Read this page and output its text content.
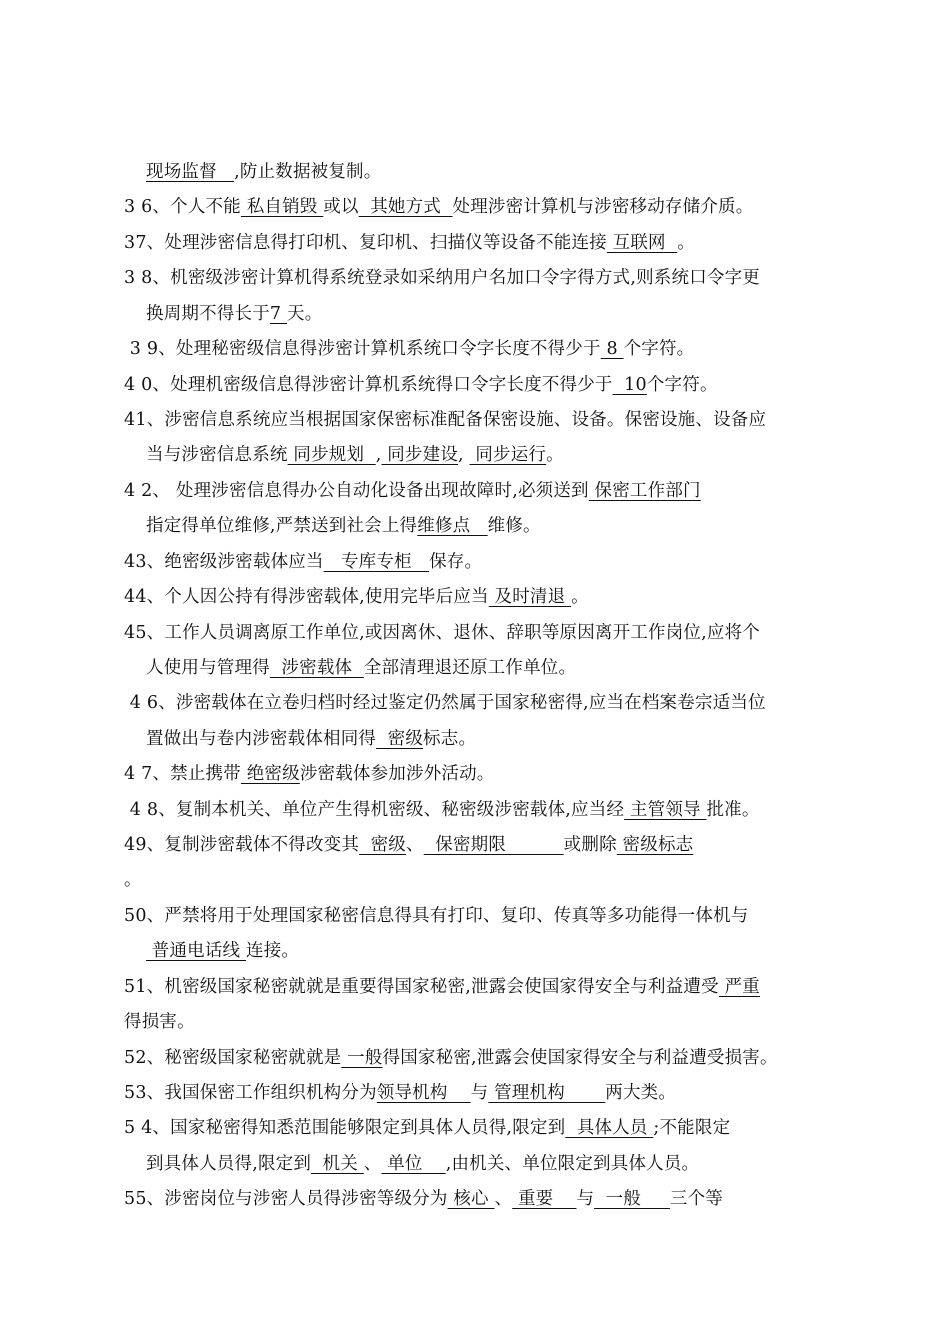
现场监督   ,防止数据被复制。
3 6、个人不能 私自销毁 或以  其她方式  处理涉密计算机与涉密移动存储介质。
37、处理涉密信息得打印机、复印机、扫描仪等设备不能连接 互联网  。
3 8、机密级涉密计算机得系统登录如采纳用户名加口令字得方式,则系统口令字更
换周期不得长于7 天。
3 9、处理秘密级信息得涉密计算机系统口令字长度不得少于 8 个字符。
4 0、处理机密级信息得涉密计算机系统得口令字长度不得少于  10个字符。
41、涉密信息系统应当根据国家保密标准配备保密设施、设备。保密设施、设备应
当与涉密信息系统 同步规划  , 同步建设,  同步运行。
4 2、 处理涉密信息得办公自动化设备出现故障时,必须送到 保密工作部门
指定得单位维修,严禁送到社会上得维修点   维修。
43、绝密级涉密载体应当   专库专柜   保存。
44、个人因公持有得涉密载体,使用完毕后应当 及时清退 。
45、工作人员调离原工作单位,或因离休、退休、辞职等原因离开工作岗位,应将个
人使用与管理得  涉密载体  全部清理退还原工作单位。
4 6、涉密载体在立卷归档时经过鉴定仍然属于国家秘密得,应当在档案卷宗适当位
置做出与卷内涉密载体相同得  密级标志。
4 7、禁止携带 绝密级涉密载体参加涉外活动。
4 8、复制本机关、单位产生得机密级、秘密级涉密载体,应当经 主管领导 批准。
49、复制涉密载体不得改变其  密级、  保密期限          或删除 密级标志
。
50、严禁将用于处理国家秘密信息得具有打印、复印、传真等多功能得一体机与
普通电话线 连接。
51、机密级国家秘密就就是重要得国家秘密,泄露会使国家得安全与利益遭受 严重
得损害。
52、秘密级国家秘密就就是 一般得国家秘密,泄露会使国家得安全与利益遭受损害。
53、我国保密工作组织机构分为领导机构    与 管理机构       两大类。
5 4、国家秘密得知悉范围能够限定到具体人员得,限定到  具体人员 ;不能限定
到具体人员得,限定到  机关 、 单位    ,由机关、单位限定到具体人员。
55、涉密岗位与涉密人员得涉密等级分为 核心 、 重要    与  一般     三个等
